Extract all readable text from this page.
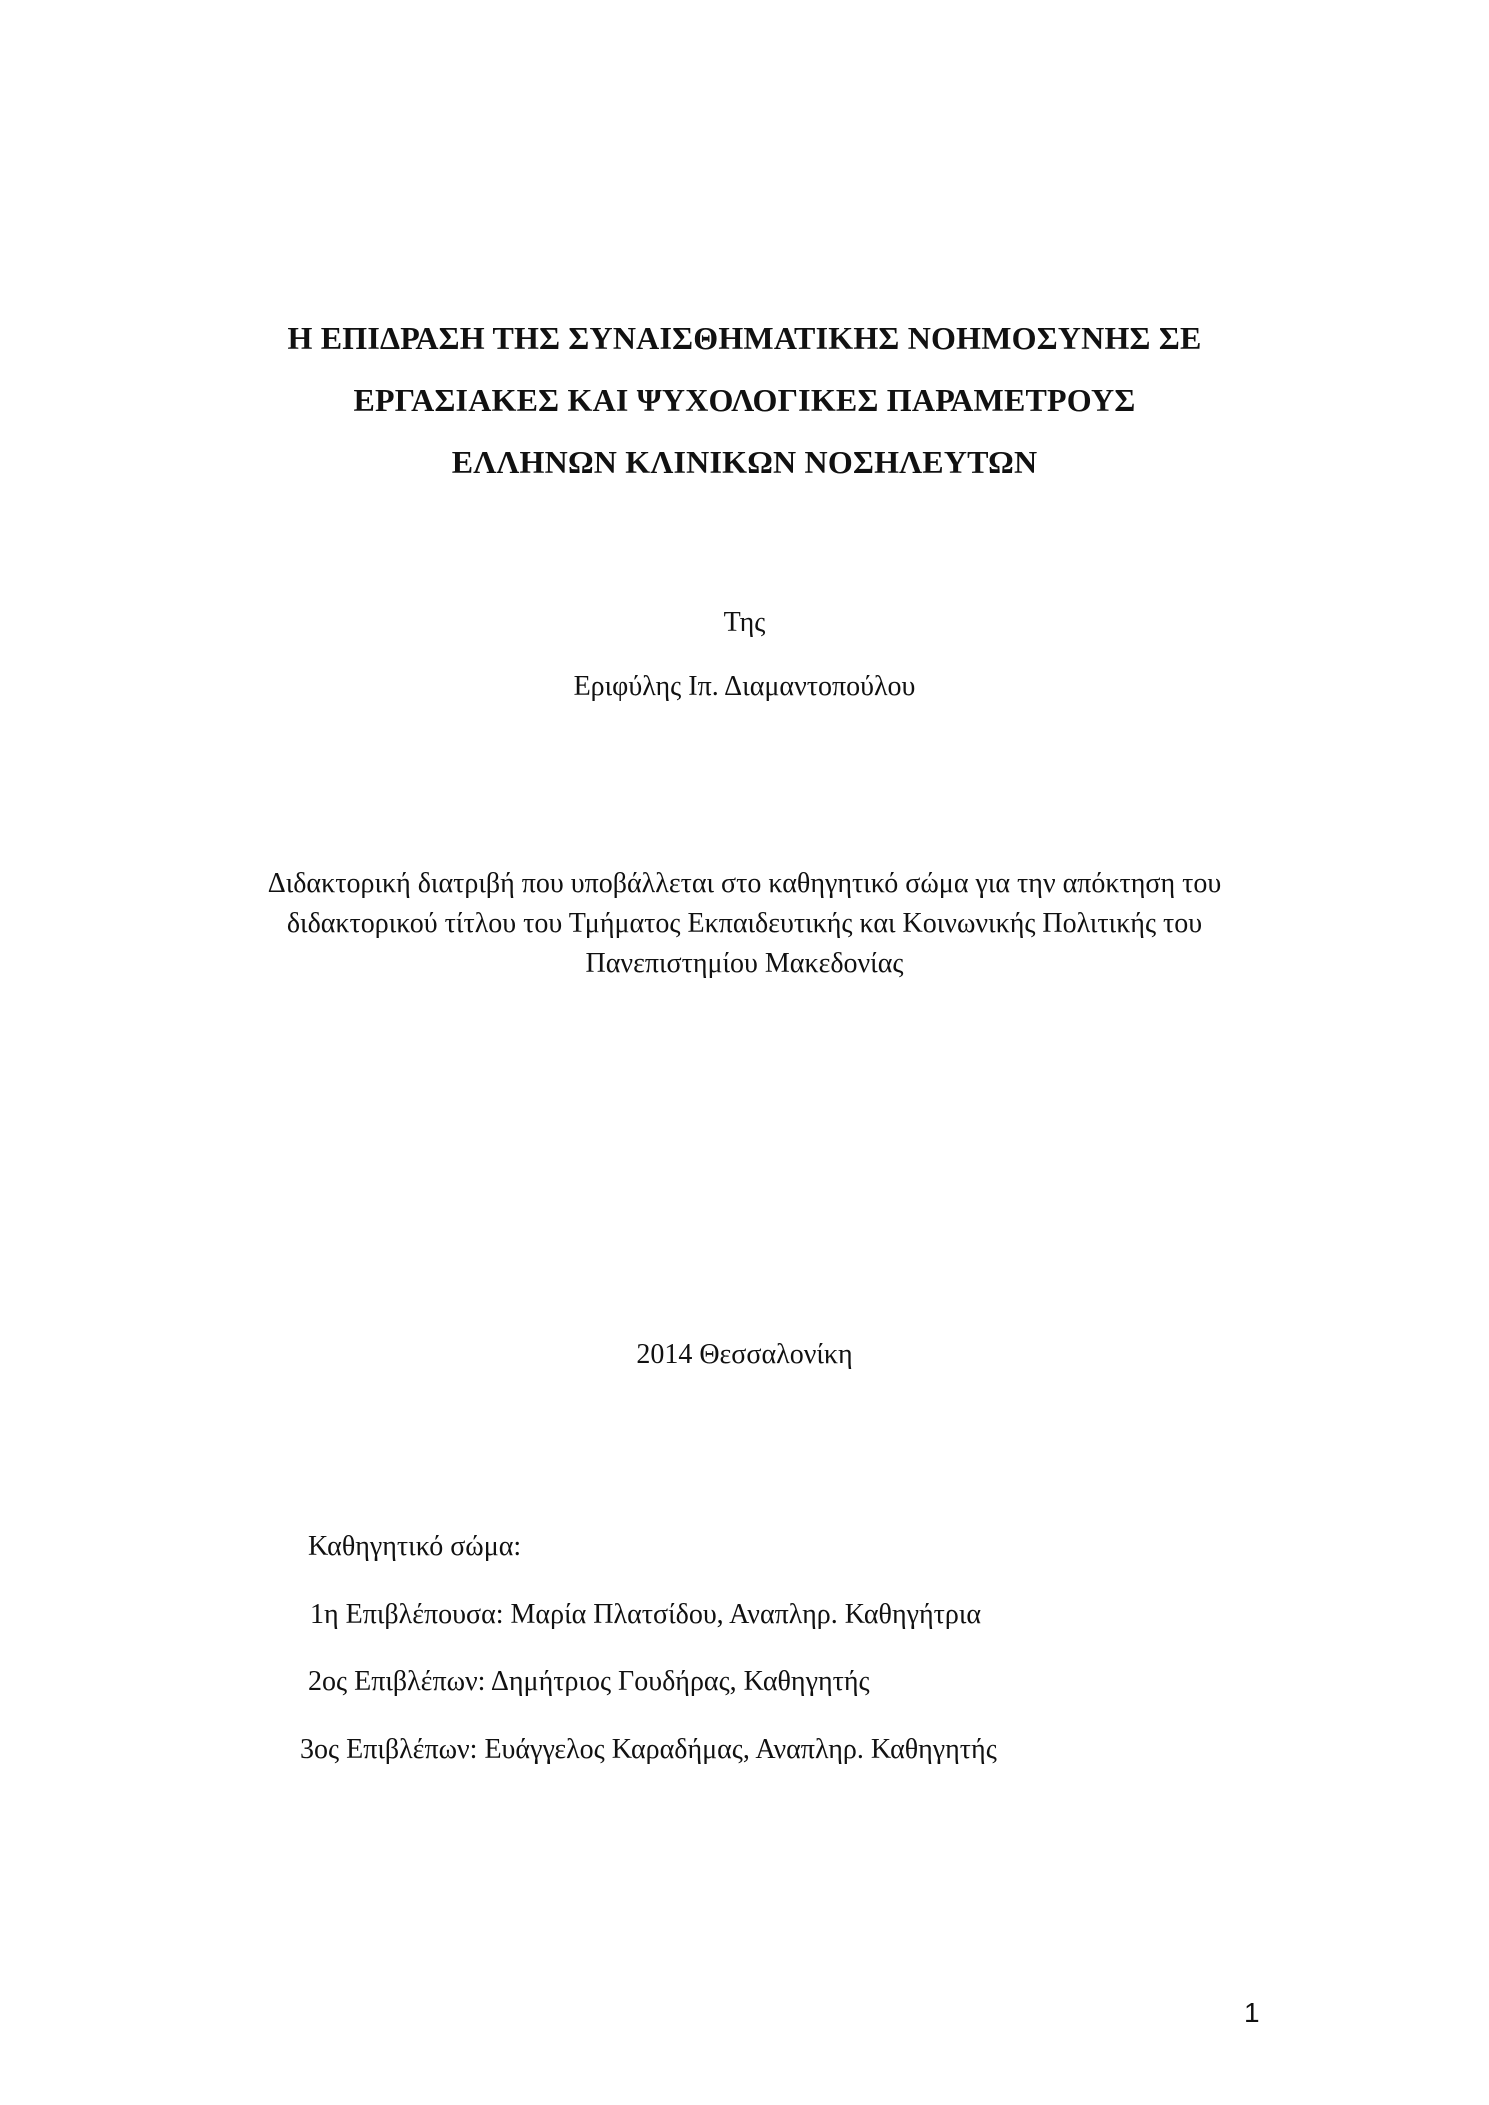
Η ΕΠΙΔΡΑΣΗ ΤΗΣ ΣΥΝΑΙΣΘΗΜΑΤΙΚΗΣ ΝΟΗΜΟΣΥΝΗΣ ΣΕ
ΕΡΓΑΣΙΑΚΕΣ ΚΑΙ ΨΥΧΟΛΟΓΙΚΕΣ ΠΑΡΑΜΕΤΡΟΥΣ
ΕΛΛΗΝΩΝ ΚΛΙΝΙΚΩΝ ΝΟΣΗΛΕΥΤΩΝ
Της
Εριφύλης Ιπ. Διαμαντοπούλου
Διδακτορική διατριβή που υποβάλλεται στο καθηγητικό σώμα για την απόκτηση του
διδακτορικού τίτλου του Τμήματος Εκπαιδευτικής και Κοινωνικής Πολιτικής του
Πανεπιστημίου Μακεδονίας
2014 Θεσσαλονίκη
Καθηγητικό σώμα:
1η Επιβλέπουσα: Μαρία Πλατσίδου, Αναπληρ. Καθηγήτρια
2ος Επιβλέπων: Δημήτριος Γουδήρας, Καθηγητής
3ος Επιβλέπων: Ευάγγελος Καραδήμας, Αναπληρ. Καθηγητής
1
